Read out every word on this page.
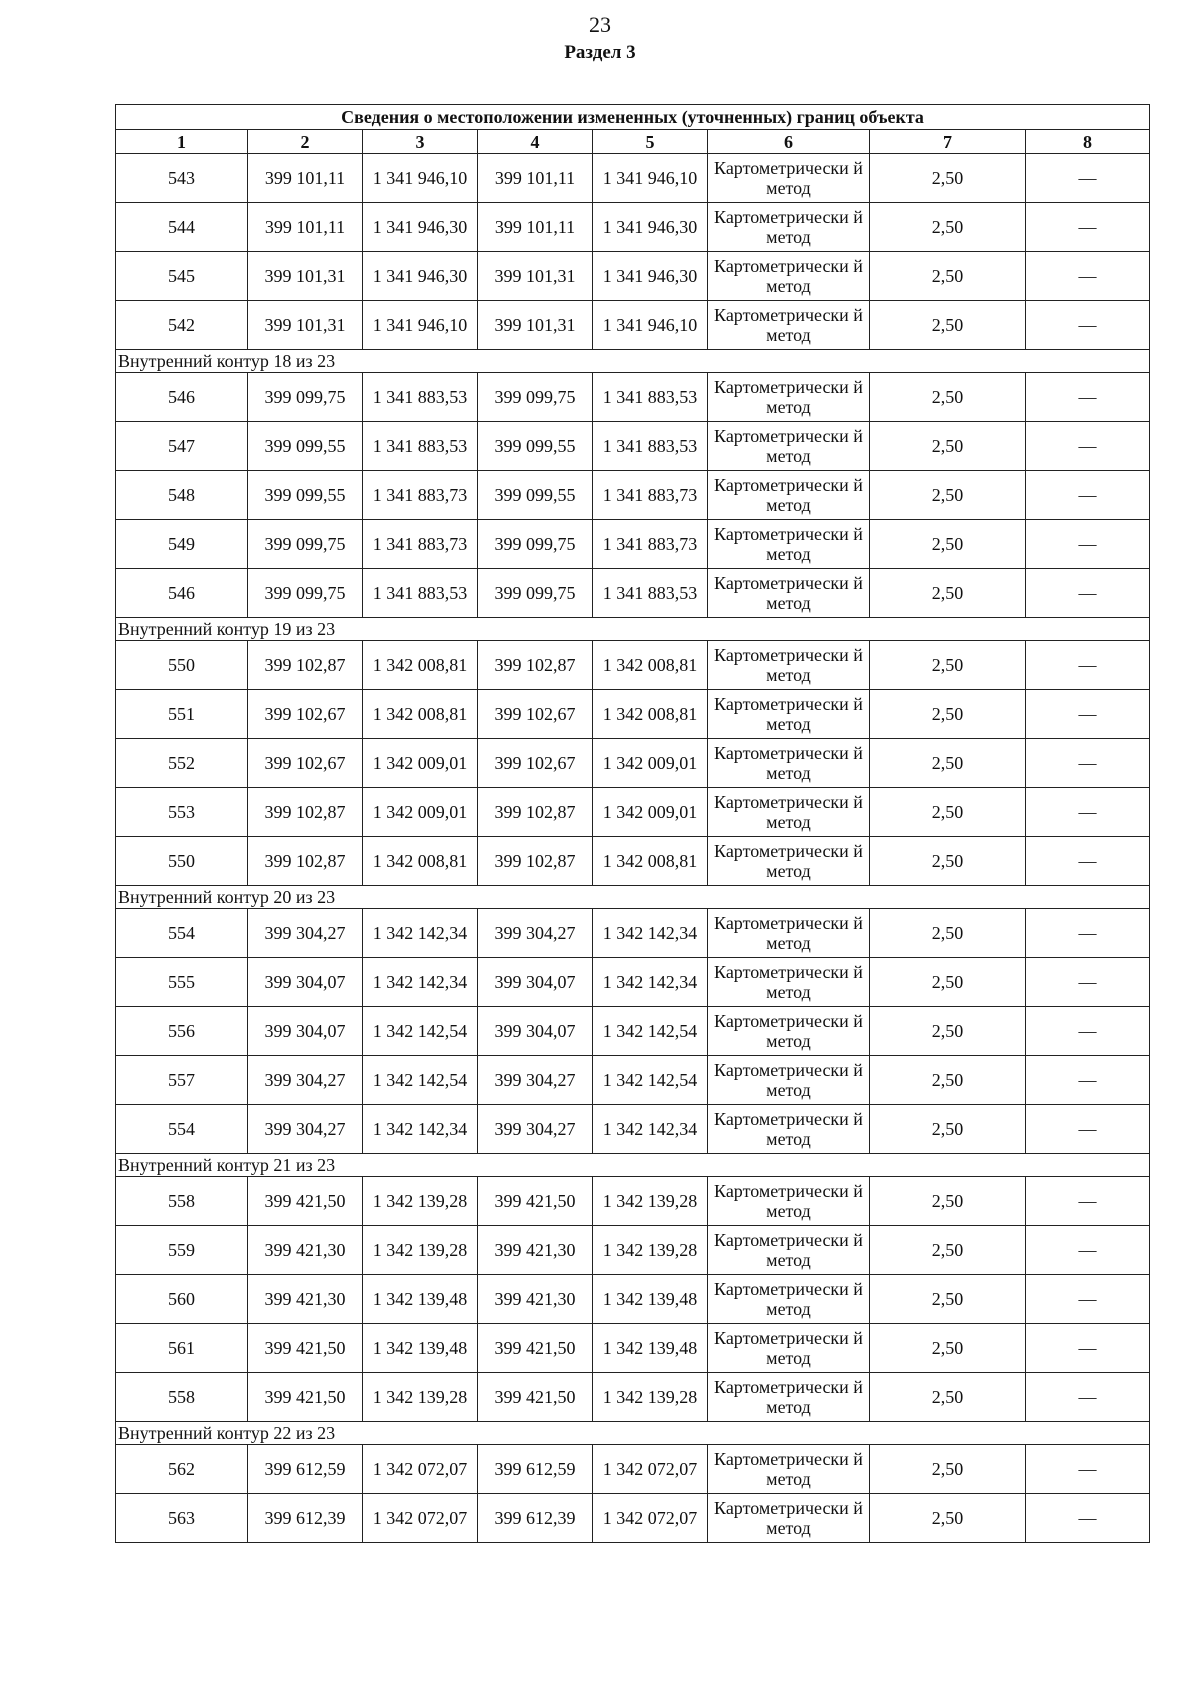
23
Раздел 3
Сведения о местоположении измененных (уточненных) границ объекта							
1	2	3	4	5	6	7	8
543	399 101,11	1 341 946,10	399 101,11	1 341 946,10	Картометрически й метод	2,50	—
544	399 101,11	1 341 946,30	399 101,11	1 341 946,30	Картометрически й метод	2,50	—
545	399 101,31	1 341 946,30	399 101,31	1 341 946,30	Картометрически й метод	2,50	—
542	399 101,31	1 341 946,10	399 101,31	1 341 946,10	Картометрически й метод	2,50	—
Внутренний контур 18 из 23							
546	399 099,75	1 341 883,53	399 099,75	1 341 883,53	Картометрически й метод	2,50	—
547	399 099,55	1 341 883,53	399 099,55	1 341 883,53	Картометрически й метод	2,50	—
548	399 099,55	1 341 883,73	399 099,55	1 341 883,73	Картометрически й метод	2,50	—
549	399 099,75	1 341 883,73	399 099,75	1 341 883,73	Картометрически й метод	2,50	—
546	399 099,75	1 341 883,53	399 099,75	1 341 883,53	Картометрически й метод	2,50	—
Внутренний контур 19 из 23							
550	399 102,87	1 342 008,81	399 102,87	1 342 008,81	Картометрически й метод	2,50	—
551	399 102,67	1 342 008,81	399 102,67	1 342 008,81	Картометрически й метод	2,50	—
552	399 102,67	1 342 009,01	399 102,67	1 342 009,01	Картометрически й метод	2,50	—
553	399 102,87	1 342 009,01	399 102,87	1 342 009,01	Картометрически й метод	2,50	—
550	399 102,87	1 342 008,81	399 102,87	1 342 008,81	Картометрически й метод	2,50	—
Внутренний контур 20 из 23							
554	399 304,27	1 342 142,34	399 304,27	1 342 142,34	Картометрически й метод	2,50	—
555	399 304,07	1 342 142,34	399 304,07	1 342 142,34	Картометрически й метод	2,50	—
556	399 304,07	1 342 142,54	399 304,07	1 342 142,54	Картометрически й метод	2,50	—
557	399 304,27	1 342 142,54	399 304,27	1 342 142,54	Картометрически й метод	2,50	—
554	399 304,27	1 342 142,34	399 304,27	1 342 142,34	Картометрически й метод	2,50	—
Внутренний контур 21 из 23							
558	399 421,50	1 342 139,28	399 421,50	1 342 139,28	Картометрически й метод	2,50	—
559	399 421,30	1 342 139,28	399 421,30	1 342 139,28	Картометрически й метод	2,50	—
560	399 421,30	1 342 139,48	399 421,30	1 342 139,48	Картометрически й метод	2,50	—
561	399 421,50	1 342 139,48	399 421,50	1 342 139,48	Картометрически й метод	2,50	—
558	399 421,50	1 342 139,28	399 421,50	1 342 139,28	Картометрически й метод	2,50	—
Внутренний контур 22 из 23							
562	399 612,59	1 342 072,07	399 612,59	1 342 072,07	Картометрически й метод	2,50	—
563	399 612,39	1 342 072,07	399 612,39	1 342 072,07	Картометрически й метод	2,50	—
